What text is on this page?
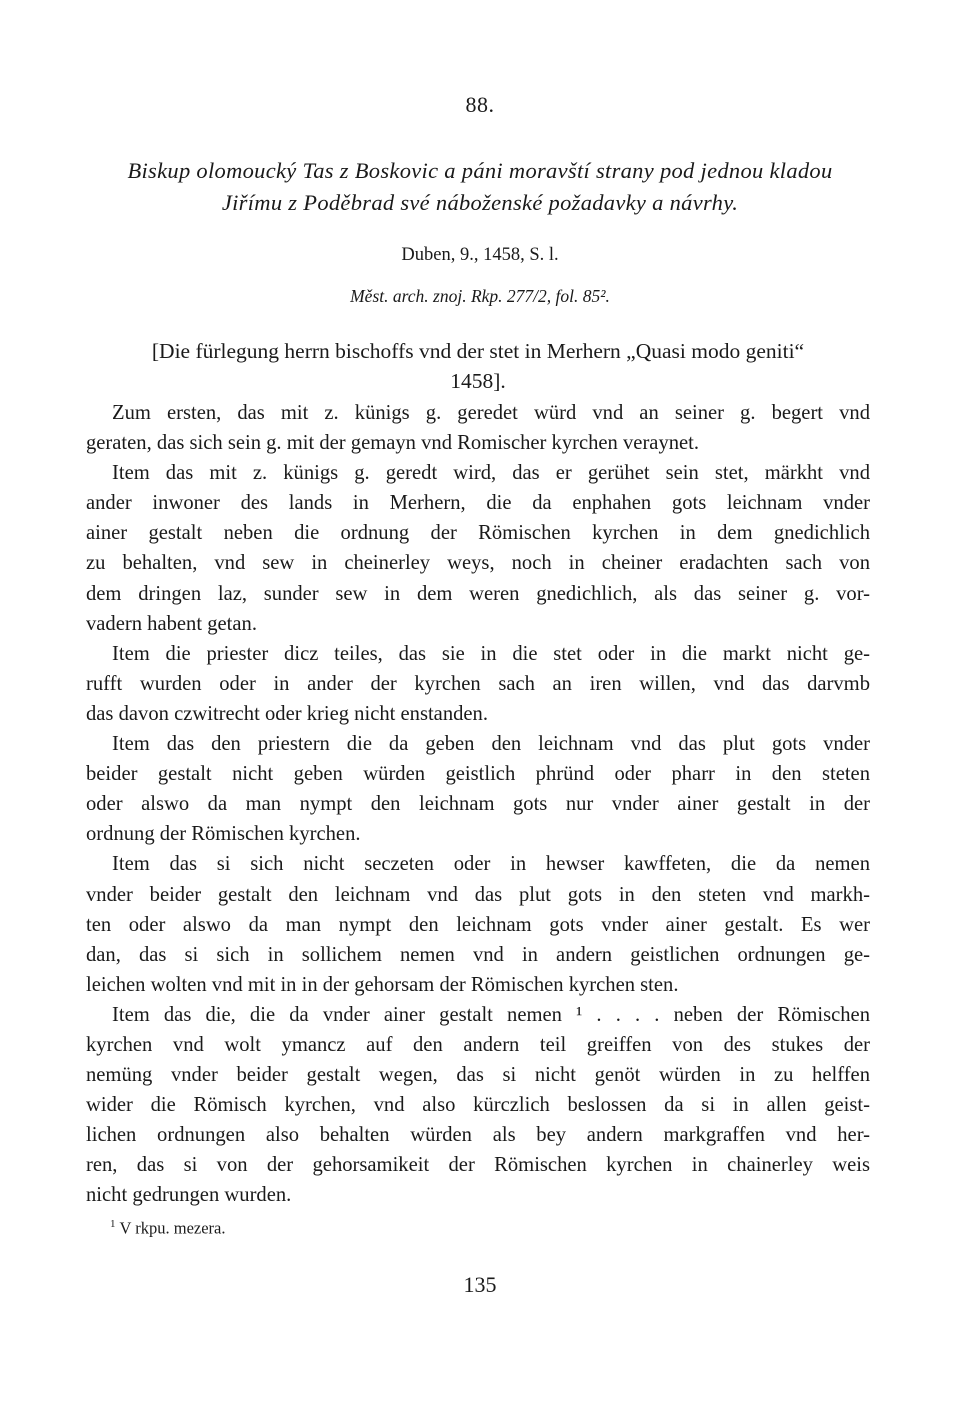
88.
Biskup olomoucký Tas z Boskovic a páni moravští strany pod jednou kladou
Jiřímu z Poděbrad své náboženské požadavky a návrhy.
Duben, 9., 1458, S. l.
Měst. arch. znoj. Rkp. 277/2, fol. 85².
[Die fürlegung herrn bischoffs vnd der stet in Merhern „Quasi modo geniti“
1458].
Zum ersten, das mit z. künigs g. geredet würd vnd an seiner g. begert vnd
geraten, das sich sein g. mit der gemayn vnd Romischer kyrchen veraynet.
Item das mit z. künigs g. geredt wird, das er gerühet sein stet, märkht vnd
ander inwoner des lands in Merhern, die da enphahen gots leichnam vnder
ainer gestalt neben die ordnung der Römischen kyrchen in dem gnedichlich
zu behalten, vnd sew in cheinerley weys, noch in cheiner eradachten sach von
dem dringen laz, sunder sew in dem weren gnedichlich, als das seiner g. vor-
vadern habent getan.
Item die priester dicz teiles, das sie in die stet oder in die markt nicht ge-
rufft wurden oder in ander der kyrchen sach an iren willen, vnd das darvmb
das davon czwitrecht oder krieg nicht enstanden.
Item das den priestern die da geben den leichnam vnd das plut gots vnder
beider gestalt nicht geben würden geistlich phründ oder pharr in den steten
oder alswo da man nympt den leichnam gots nur vnder ainer gestalt in der
ordnung der Römischen kyrchen.
Item das si sich nicht seczeten oder in hewser kawffeten, die da nemen
vnder beider gestalt den leichnam vnd das plut gots in den steten vnd markh-
ten oder alswo da man nympt den leichnam gots vnder ainer gestalt. Es wer
dan, das si sich in sollichem nemen vnd in andern geistlichen ordnungen ge-
leichen wolten vnd mit in in der gehorsam der Römischen kyrchen sten.
Item das die, die da vnder ainer gestalt nemen ¹ . . . . neben der Römischen
kyrchen vnd wolt ymancz auf den andern teil greiffen von des stukes der
nemüng vnder beider gestalt wegen, das si nicht genöt würden in zu helffen
wider die Römisch kyrchen, vnd also kürczlich beslossen da si in allen geist-
lichen ordnungen also behalten würden als bey andern markgraffen vnd her-
ren, das si von der gehorsamikeit der Römischen kyrchen in chainerley weis
nicht gedrungen wurden.
$^1$ V rkpu. mezera.
135
